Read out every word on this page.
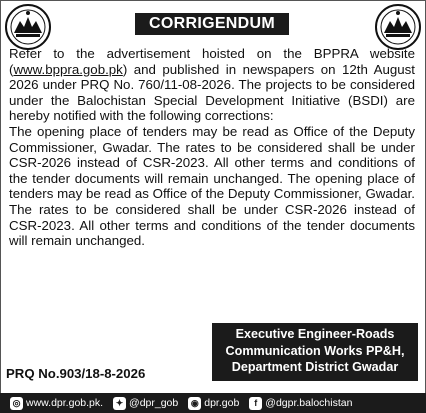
CORRIGENDUM

Refer to the advertisement hoisted on the BPPRA website (www.bppra.gob.pk) and published in newspapers on 12th August 2026 under PRQ No. 760/11-08-2026. The projects to be considered under the Balochistan Special Development Initiative (BSDI) are hereby notified with the following corrections:

The opening place of tenders may be read as Office of the Deputy Commissioner, Gwadar. The rates to be considered shall be under CSR-2026 instead of CSR-2023. All other terms and conditions of the tender documents will remain unchanged. The opening place of tenders may be read as Office of the Deputy Commissioner, Gwadar. The rates to be considered shall be under CSR-2026 instead of CSR-2023. All other terms and conditions of the tender documents will remain unchanged.

Executive Engineer-Roads
Communication Works PP&H,
Department District Gwadar
PRQ No.903/18-8-2026
◎ www.dpr.gob.pk.	✦ @dpr_gob ◉ dpr.gob	f @dgpr.balochistan
